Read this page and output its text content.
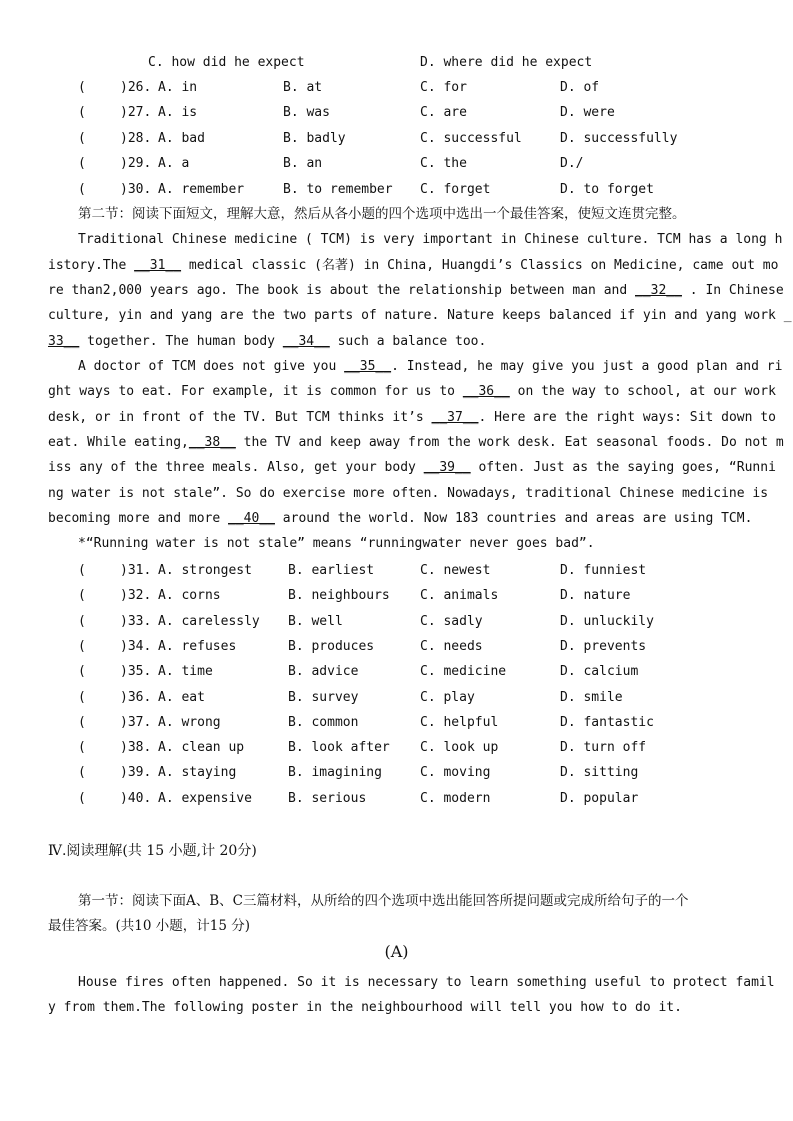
C. how did he expect	D. where did he expect
(	)26. A. in	B. at	C. for	D. of
(	)27. A. is	B. was	C. are	D. were
(	)28. A. bad	B. badly	C. successful	D. successfully
(	)29. A. a	B. an	C. the	D./
(	)30. A. remember	B. to remember C. forget	D. to forget
第二节：阅读下面短文，理解大意，然后从各小题的四个选项中选出一个最佳答案，使短文连贯完整。
Traditional Chinese medicine ( TCM) is very important in Chinese culture. TCM has a long h
istory.The __31__ medical classic (名著) in China, Huangdi’s Classics on Medicine, came out mo
re than2,000 years ago. The book is about the relationship between man and __32__ . In Chinese
culture, yin and yang are the two parts of nature. Nature keeps balanced if yin and yang work _
33__ together. The human body __34__ such a balance too.
A doctor of TCM does not give you __35__. Instead, he may give you just a good plan and ri
ght ways to eat. For example, it is common for us to __36__ on the way to school, at our work
desk, or in front of the TV. But TCM thinks it’s __37__. Here are the right ways: Sit down to
eat. While eating,__38__ the TV and keep away from the work desk. Eat seasonal foods. Do not m
iss any of the three meals. Also, get your body __39__ often. Just as the saying goes, “Runni
ng water is not stale”. So do exercise more often. Nowadays, traditional Chinese medicine is
becoming more and more __40__ around the world. Now 183 countries and areas are using TCM.
*“Running water is not stale” means “runningwater never goes bad”.
(	)31. A. strongest	B. earliest	C. newest	D. funniest
(	)32. A. corns	B. neighbours C. animals	D. nature
(	)33. A. carelessly B. well	C. sadly	D. unluckily
(	)34. A. refuses	B. produces	C. needs	D. prevents
(	)35. A. time	B. advice	C. medicine	D. calcium
(	)36. A. eat	B. survey	C. play	D. smile
(	)37. A. wrong	B. common	C. helpful	D. fantastic
(	)38. A. clean up	B. look after C. look up	D. turn off
(	)39. A. staying	B. imagining	C. moving	D. sitting
(	)40. A. expensive	B. serious	C. modern	D. popular
Ⅳ.阅读理解(共 15 小题,计 20分)
第一节：阅读下面A、B、C三篇材料，从所给的四个选项中选出能回答所提问题或完成所给句子的一个
最佳答案。(共10 小题，计15 分)
(A)
House fires often happened. So it is necessary to learn something useful to protect famil
y from them.The following poster in the neighbourhood will tell you how to do it.
